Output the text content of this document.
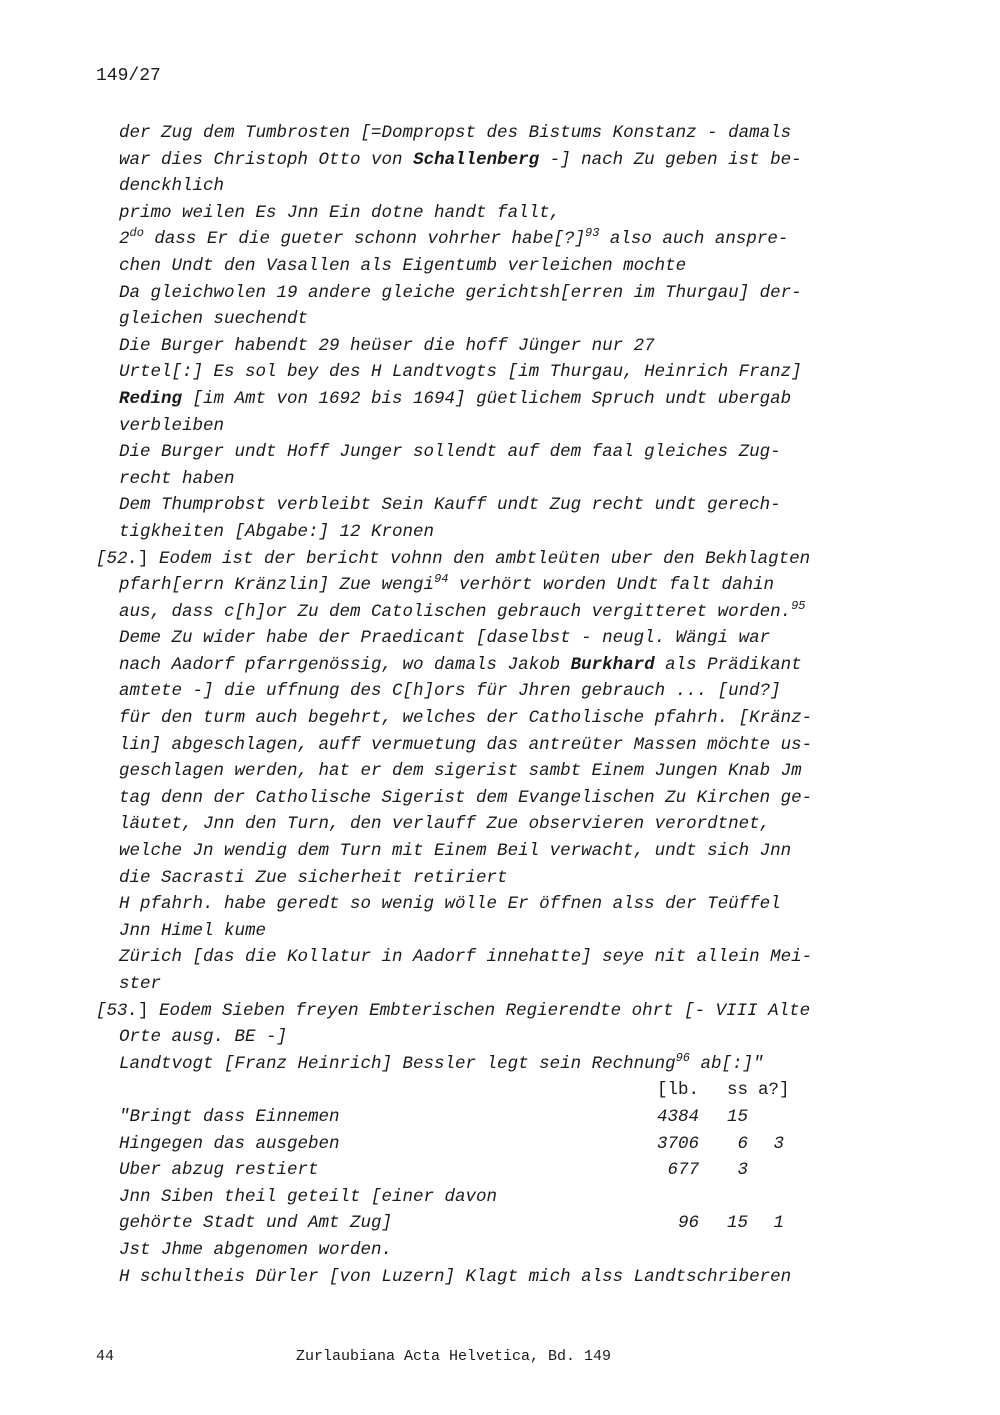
149/27
der Zug dem Tumbrosten [=Dompropst des Bistums Konstanz - damals
war dies Christoph Otto von Schallenberg -] nach Zu geben ist be-
denckhlich
primo weilen Es Jnn Ein dotne handt fallt,
$2^{do}$ dass Er die gueter schonn vohrher habe[?]$^{93}$ also auch anspre-
chen Undt den Vasallen als Eigentumb verleichen mochte
Da gleichwolen 19 andere gleiche gerichtsh[erren im Thurgau] der-
gleichen suechendt
Die Burger habendt 29 heüser die hoff Jünger nur 27
Urtel[:] Es sol bey des H Landtvogts [im Thurgau, Heinrich Franz]
Reding [im Amt von 1692 bis 1694] güetlichem Spruch undt ubergab
verbleiben
Die Burger undt Hoff Junger sollendt auf dem faal gleiches Zug-
recht haben
Dem Thumprobst verbleibt Sein Kauff undt Zug recht undt gerech-
tigkheiten [Abgabe:] 12 Kronen
[52.] Eodem ist der bericht vohnn den ambtleüten uber den Bekhlagten
pfarh[errn Kränzlin] Zue wengi$^{94}$ verhört worden Undt falt dahin
aus, dass c[h]or Zu dem Catolischen gebrauch vergitteret worden.$^{95}$
Deme Zu wider habe der Praedicant [daselbst - neugl. Wängi war
nach Aadorf pfarrgenössig, wo damals Jakob Burkhard als Prädikant
amtete -] die uffnung des C[h]ors für Jhren gebrauch ... [und?]
für den turm auch begehrt, welches der Catholische pfahrh. [Kränz-
lin] abgeschlagen, auff vermuetung das antreüter Massen möchte us-
geschlagen werden, hat er dem sigerist sambt Einem Jungen Knab Jm
tag denn der Catholische Sigerist dem Evangelischen Zu Kirchen ge-
läutet, Jnn den Turn, den verlauff Zue observieren verordtnet,
welche Jn wendig dem Turn mit Einem Beil verwacht, undt sich Jnn
die Sacrasti Zue sicherheit retiriert
H pfahrh. habe geredt so wenig wölle Er öffnen alss der Teüffel
Jnn Himel kume
Zürich [das die Kollatur in Aadorf innehatte] seye nit allein Mei-
ster
[53.] Eodem Sieben freyen Embterischen Regierendte ohrt [- VIII Alte
Orte ausg. BE -]
Landtvogt [Franz Heinrich] Bessler legt sein Rechnung$^{96}$ ab[:]"
[lb.	ss a?]
"Bringt dass Einnemen	4384	15
Hingegen das ausgeben	3706	6	3
Uber abzug restiert	677	3
Jnn Siben theil geteilt [einer davon
gehörte Stadt und Amt Zug]	96	15	1
Jst Jhme abgenomen worden.
H schultheis Dürler [von Luzern] Klagt mich alss Landtschriberen
44	Zurlaubiana Acta Helvetica, Bd. 149
